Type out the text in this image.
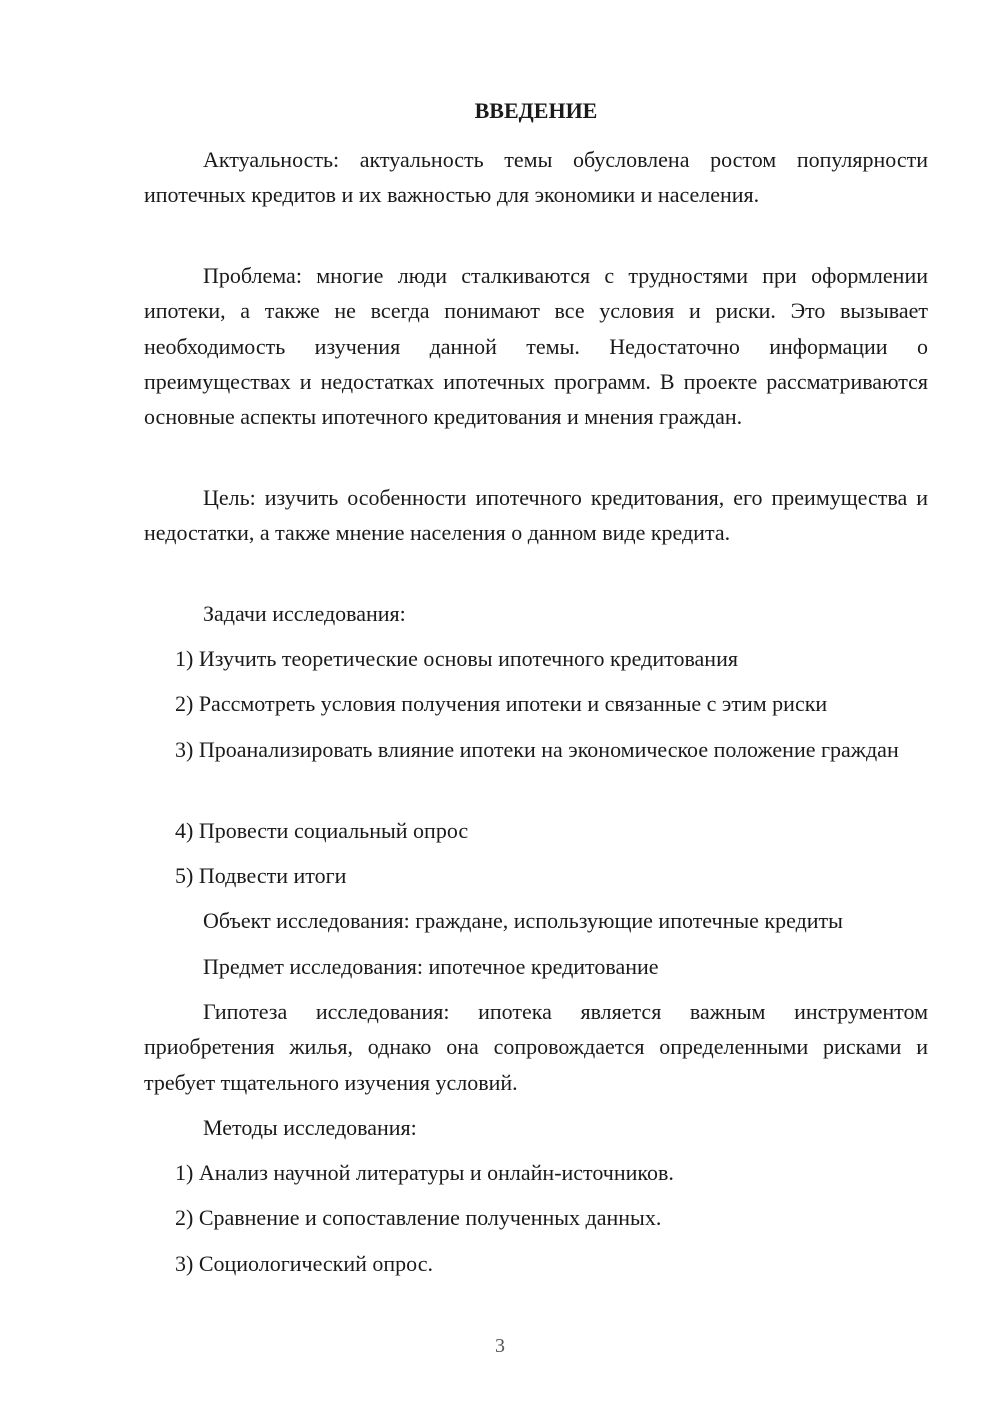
ВВЕДЕНИЕ

Актуальность: актуальность темы обусловлена ростом популярности ипотечных кредитов и их важностью для экономики и населения.

Проблема: многие люди сталкиваются с трудностями при оформлении ипотеки, а также не всегда понимают все условия и риски. Это вызывает необходимость изучения данной темы. Недостаточно информации о преимуществах и недостатках ипотечных программ. В проекте рассматриваются основные аспекты ипотечного кредитования и мнения граждан.

Цель: изучить особенности ипотечного кредитования, его преимущества и недостатки, а также мнение населения о данном виде кредита.

Задачи исследования:

1) Изучить теоретические основы ипотечного кредитования

2) Рассмотреть условия получения ипотеки и связанные с этим риски

3) Проанализировать влияние ипотеки на экономическое положение граждан

4) Провести социальный опрос

5) Подвести итоги

Объект исследования: граждане, использующие ипотечные кредиты

Предмет исследования: ипотечное кредитование

Гипотеза исследования: ипотека является важным инструментом приобретения жилья, однако она сопровождается определенными рисками и требует тщательного изучения условий.

Методы исследования:

1) Анализ научной литературы и онлайн-источников.

2) Сравнение и сопоставление полученных данных.

3) Социологический опрос.

3
